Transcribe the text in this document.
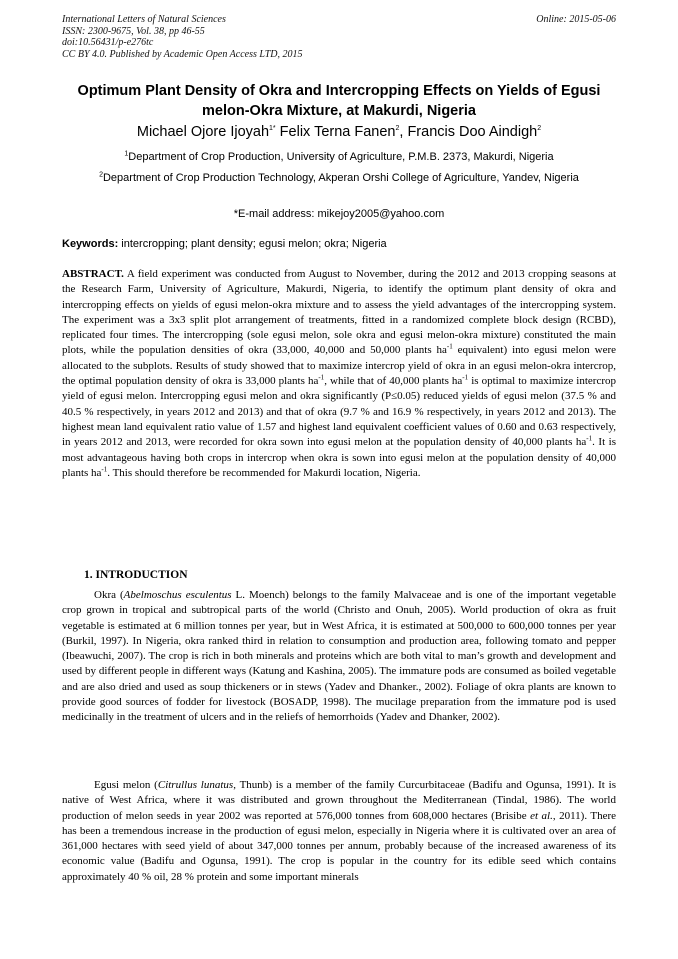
International Letters of Natural Sciences
ISSN: 2300-9675, Vol. 38, pp 46-55
doi:10.56431/p-e276tc
CC BY 4.0. Published by Academic Open Access LTD, 2015
Online: 2015-05-06
Optimum Plant Density of Okra and Intercropping Effects on Yields of Egusi melon-Okra Mixture, at Makurdi, Nigeria
Michael Ojore Ijoyah$^{1*}$ Felix Terna Fanen$^2$, Francis Doo Aindigh$^2$
$^1$Department of Crop Production, University of Agriculture, P.M.B. 2373, Makurdi, Nigeria
$^2$Department of Crop Production Technology, Akperan Orshi College of Agriculture, Yandev, Nigeria
*E-mail address: mikejoy2005@yahoo.com
Keywords: intercropping; plant density; egusi melon; okra; Nigeria
ABSTRACT. A field experiment was conducted from August to November, during the 2012 and 2013 cropping seasons at the Research Farm, University of Agriculture, Makurdi, Nigeria, to identify the optimum plant density of okra and intercropping effects on yields of egusi melon-okra mixture and to assess the yield advantages of the intercropping system. The experiment was a 3x3 split plot arrangement of treatments, fitted in a randomized complete block design (RCBD), replicated four times. The intercropping (sole egusi melon, sole okra and egusi melon-okra mixture) constituted the main plots, while the population densities of okra (33,000, 40,000 and 50,000 plants $ha^{-1}$ equivalent) into egusi melon were allocated to the subplots. Results of study showed that to maximize intercrop yield of okra in an egusi melon-okra intercrop, the optimal population density of okra is 33,000 plants $ha^{-1}$, while that of 40,000 plants $ha^{-1}$ is optimal to maximize intercrop yield of egusi melon. Intercropping egusi melon and okra significantly (P≤0.05) reduced yields of egusi melon (37.5 % and 40.5 % respectively, in years 2012 and 2013) and that of okra (9.7 % and 16.9 % respectively, in years 2012 and 2013). The highest mean land equivalent ratio value of 1.57 and highest land equivalent coefficient values of 0.60 and 0.63 respectively, in years 2012 and 2013, were recorded for okra sown into egusi melon at the population density of 40,000 plants $ha^{-1}$. It is most advantageous having both crops in intercrop when okra is sown into egusi melon at the population density of 40,000 plants $ha^{-1}$. This should therefore be recommended for Makurdi location, Nigeria.
1. INTRODUCTION
Okra (Abelmoschus esculentus L. Moench) belongs to the family Malvaceae and is one of the important vegetable crop grown in tropical and subtropical parts of the world (Christo and Onuh, 2005). World production of okra as fruit vegetable is estimated at 6 million tonnes per year, but in West Africa, it is estimated at 500,000 to 600,000 tonnes per year (Burkil, 1997). In Nigeria, okra ranked third in relation to consumption and production area, following tomato and pepper (Ibeawuchi, 2007). The crop is rich in both minerals and proteins which are both vital to man’s growth and development and used by different people in different ways (Katung and Kashina, 2005). The immature pods are consumed as boiled vegetable and are also dried and used as soup thickeners or in stews (Yadev and Dhanker., 2002). Foliage of okra plants are known to provide good sources of fodder for livestock (BOSADP, 1998). The mucilage preparation from the immature pod is used medicinally in the treatment of ulcers and in the reliefs of hemorrhoids (Yadev and Dhanker, 2002).
Egusi melon (Citrullus lunatus, Thunb) is a member of the family Curcurbitaceae (Badifu and Ogunsa, 1991). It is native of West Africa, where it was distributed and grown throughout the Mediterranean (Tindal, 1986). The world production of melon seeds in year 2002 was reported at 576,000 tonnes from 608,000 hectares (Brisibe et al., 2011). There has been a tremendous increase in the production of egusi melon, especially in Nigeria where it is cultivated over an area of 361,000 hectares with seed yield of about 347,000 tonnes per annum, probably because of the increased awareness of its economic value (Badifu and Ogunsa, 1991). The crop is popular in the country for its edible seed which contains approximately 40 % oil, 28 % protein and some important minerals
